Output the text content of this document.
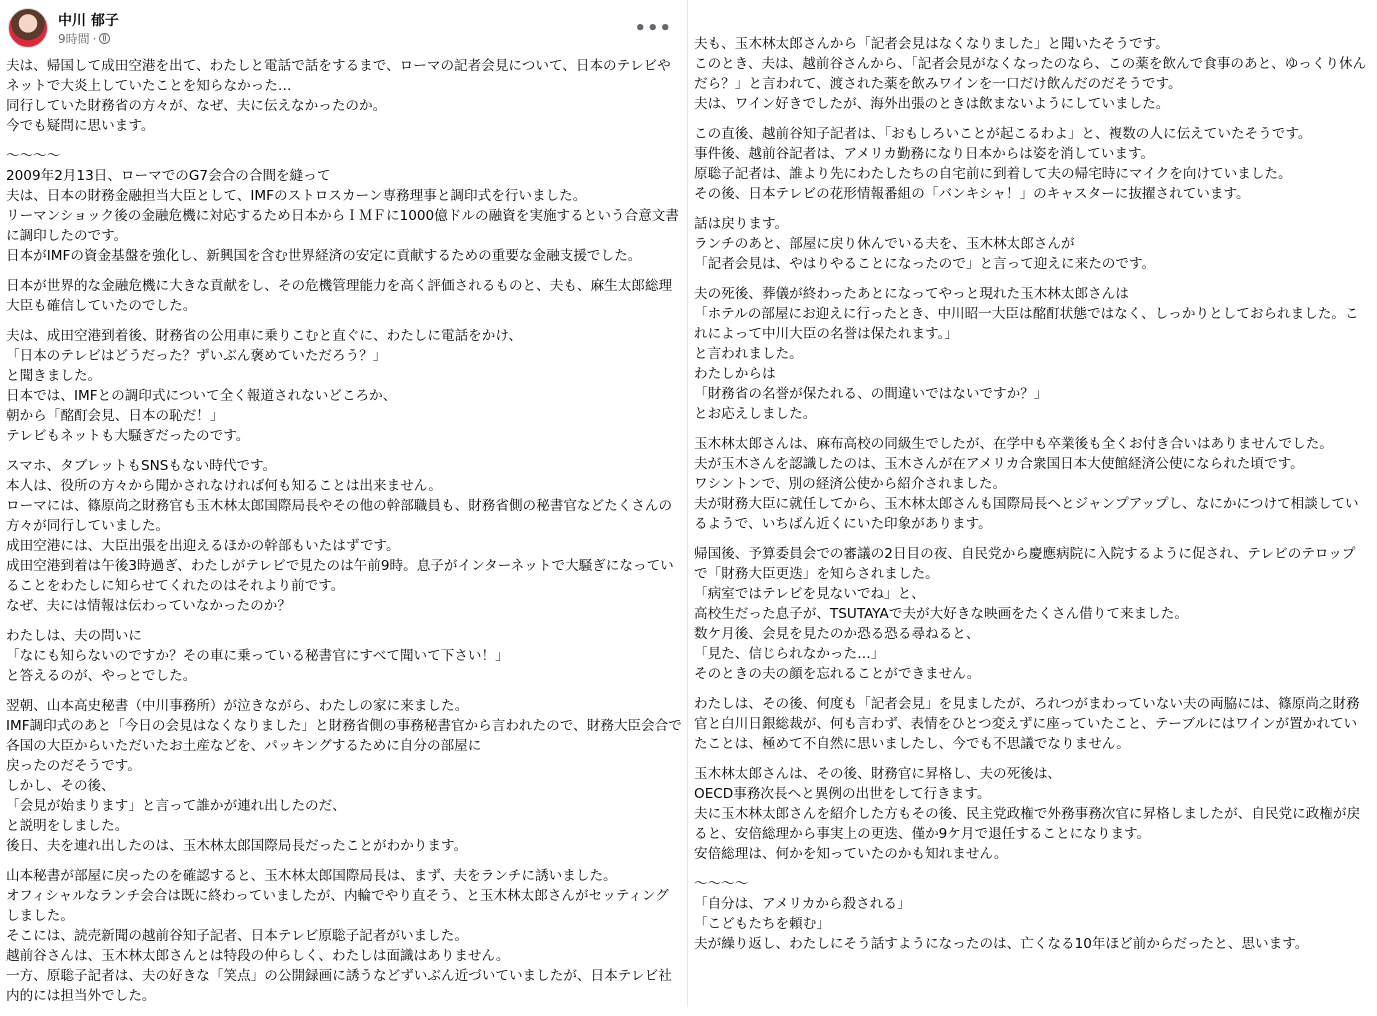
中川 郁子
9時間 ·	•••

夫は、帰国して成田空港を出て、わたしと電話で話をするまで、ローマの記者会見について、日本のテレビやネットで大炎上していたことを知らなかった…
同行していた財務省の方々が、なぜ、夫に伝えなかったのか。
今でも疑問に思います。

〜〜〜〜
2009年2月13日、ローマでのG7会合の合間を縫って
夫は、日本の財務金融担当大臣として、IMFのストロスカーン専務理事と調印式を行いました。
リーマンショック後の金融危機に対応するため日本からＩＭＦに1000億ドルの融資を実施するという合意文書に調印したのです。
日本がIMFの資金基盤を強化し、新興国を含む世界経済の安定に貢献するための重要な金融支援でした。

日本が世界的な金融危機に大きな貢献をし、その危機管理能力を高く評価されるものと、夫も、麻生太郎総理大臣も確信していたのでした。

夫は、成田空港到着後、財務省の公用車に乗りこむと直ぐに、わたしに電話をかけ、
「日本のテレビはどうだった？ずいぶん褒めていただろう？」
と聞きました。
日本では、IMFとの調印式について全く報道されないどころか、
朝から「酩酊会見、日本の恥だ！」
テレビもネットも大騒ぎだったのです。

スマホ、タブレットもSNSもない時代です。
本人は、役所の方々から聞かされなければ何も知ることは出来ません。
ローマには、篠原尚之財務官も玉木林太郎国際局長やその他の幹部職員も、財務省側の秘書官などたくさんの方々が同行していました。
成田空港には、大臣出張を出迎えるほかの幹部もいたはずです。
成田空港到着は午後3時過ぎ、わたしがテレビで見たのは午前9時。息子がインターネットで大騒ぎになっていることをわたしに知らせてくれたのはそれより前です。
なぜ、夫には情報は伝わっていなかったのか？

わたしは、夫の問いに
「なにも知らないのですか？その車に乗っている秘書官にすべて聞いて下さい！」
と答えるのが、やっとでした。

翌朝、山本高史秘書（中川事務所）が泣きながら、わたしの家に来ました。
IMF調印式のあと「今日の会見はなくなりました」と財務省側の事務秘書官から言われたので、財務大臣会合で各国の大臣からいただいたお土産などを、パッキングするために自分の部屋に
戻ったのだそうです。
しかし、その後、
「会見が始まります」と言って誰かが連れ出したのだ、
と説明をしました。
後日、夫を連れ出したのは、玉木林太郎国際局長だったことがわかります。

山本秘書が部屋に戻ったのを確認すると、玉木林太郎国際局長は、まず、夫をランチに誘いました。
オフィシャルなランチ会合は既に終わっていましたが、内輪でやり直そう、と玉木林太郎さんがセッティングしました。
そこには、読売新聞の越前谷知子記者、日本テレビ原聡子記者がいました。
越前谷さんは、玉木林太郎さんとは特段の仲らしく、わたしは面識はありません。
一方、原聡子記者は、夫の好きな「笑点」の公開録画に誘うなどずいぶん近づいていましたが、日本テレビ社内的には担当外でした。

夫も、玉木林太郎さんから「記者会見はなくなりました」と聞いたそうです。
このとき、夫は、越前谷さんから、「記者会見がなくなったのなら、この薬を飲んで食事のあと、ゆっくり休んだら？」と言われて、渡された薬を飲みワインを一口だけ飲んだのだそうです。
夫は、ワイン好きでしたが、海外出張のときは飲まないようにしていました。

この直後、越前谷知子記者は、「おもしろいことが起こるわよ」と、複数の人に伝えていたそうです。
事件後、越前谷記者は、アメリカ勤務になり日本からは姿を消しています。
原聡子記者は、誰より先にわたしたちの自宅前に到着して夫の帰宅時にマイクを向けていました。
その後、日本テレビの花形情報番組の「バンキシャ！」のキャスターに抜擢されています。

話は戻ります。
ランチのあと、部屋に戻り休んでいる夫を、玉木林太郎さんが
「記者会見は、やはりやることになったので」と言って迎えに来たのです。

夫の死後、葬儀が終わったあとになってやっと現れた玉木林太郎さんは
「ホテルの部屋にお迎えに行ったとき、中川昭一大臣は酩酊状態ではなく、しっかりとしておられました。これによって中川大臣の名誉は保たれます。」
と言われました。
わたしからは
「財務省の名誉が保たれる、の間違いではないですか？」
とお応えしました。

玉木林太郎さんは、麻布高校の同級生でしたが、在学中も卒業後も全くお付き合いはありませんでした。
夫が玉木さんを認識したのは、玉木さんが在アメリカ合衆国日本大使館経済公使になられた頃です。
ワシントンで、別の経済公使から紹介されました。
夫が財務大臣に就任してから、玉木林太郎さんも国際局長へとジャンプアップし、なにかにつけて相談しているようで、いちばん近くにいた印象があります。

帰国後、予算委員会での審議の2日目の夜、自民党から慶應病院に入院するように促され、テレビのテロップで「財務大臣更迭」を知らされました。
「病室ではテレビを見ないでね」と、
高校生だった息子が、TSUTAYAで夫が大好きな映画をたくさん借りて来ました。
数ケ月後、会見を見たのか恐る恐る尋ねると、
「見た、信じられなかった…」
そのときの夫の顔を忘れることができません。

わたしは、その後、何度も「記者会見」を見ましたが、ろれつがまわっていない夫の両脇には、篠原尚之財務官と白川日銀総裁が、何も言わず、表情をひとつ変えずに座っていたこと、テーブルにはワインが置かれていたことは、極めて不自然に思いましたし、今でも不思議でなりません。

玉木林太郎さんは、その後、財務官に昇格し、夫の死後は、
OECD事務次長へと異例の出世をして行きます。
夫に玉木林太郎さんを紹介した方もその後、民主党政権で外務事務次官に昇格しましたが、自民党に政権が戻ると、安倍総理から事実上の更迭、僅か9ケ月で退任することになります。
安倍総理は、何かを知っていたのかも知れません。

〜〜〜〜
「自分は、アメリカから殺される」
「こどもたちを頼む」
夫が繰り返し、わたしにそう話すようになったのは、亡くなる10年ほど前からだったと、思います。
